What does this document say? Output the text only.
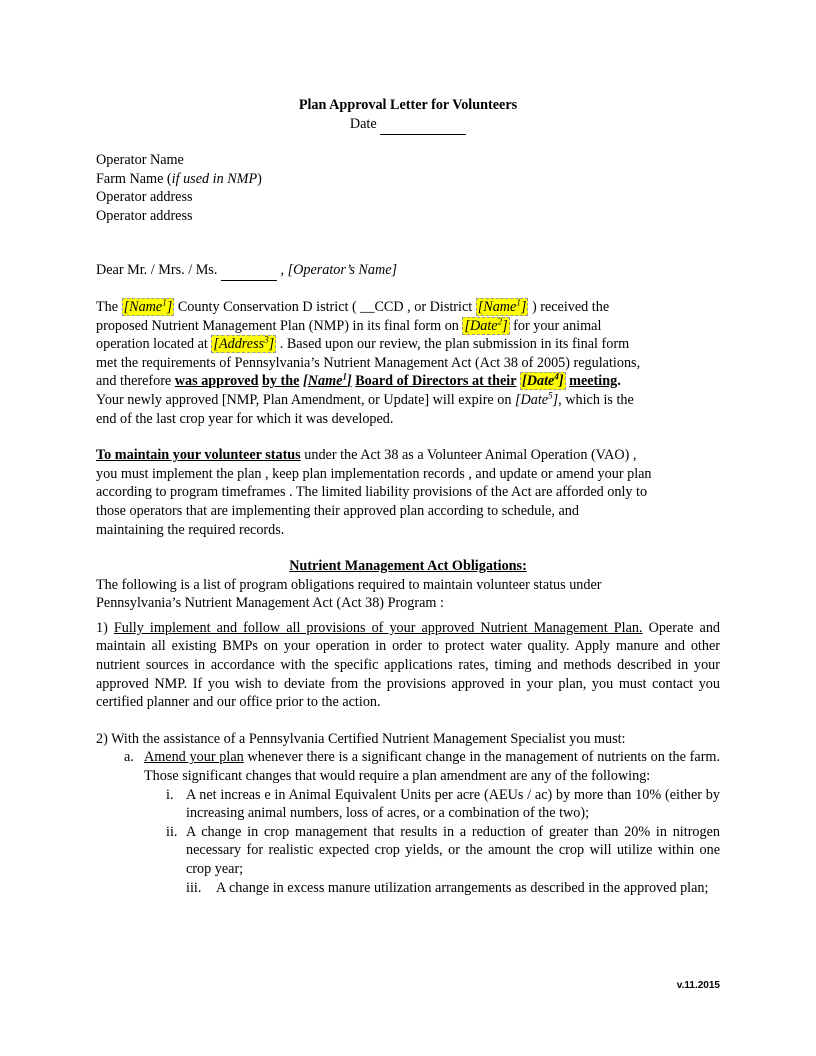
Plan Approval Letter for Volunteers
Date
Operator Name
Farm Name (if used in NMP)
Operator address
Operator address
Dear Mr. / Mrs. / Ms.	, [Operator’s Name]
The [Name$^1$] County Conservation D istrict ( __CCD , or District [Name$^1$] ) received the
proposed Nutrient Management Plan (NMP) in its final form on [Date$^2$] for your animal
operation located at [Address$^3$] . Based upon our review, the plan submission in its final form
met the requirements of Pennsylvania’s Nutrient Management Act (Act 38 of 2005) regulations,
and therefore was approved by the [Name$^1$] Board of Directors at their [Date$^4$] meeting.
Your newly approved [NMP, Plan Amendment, or Update] will expire on [Date$^5$], which is the
end of the last crop year for which it was developed.
To maintain your volunteer status under the Act 38 as a Volunteer Animal Operation (VAO) ,
you must implement the plan , keep plan implementation records , and update or amend your plan
according to program timeframes . The limited liability provisions of the Act are afforded only to
those operators that are implementing their approved plan according to schedule, and
maintaining the required records.
Nutrient Management Act Obligations:
The following is a list of program obligations required to maintain volunteer status under
Pennsylvania’s Nutrient Management Act (Act 38) Program :
1) Fully implement and follow all provisions of your approved Nutrient Management Plan. Operate and maintain all existing BMPs on your operation in order to protect water quality. Apply manure and other nutrient sources in accordance with the specific applications rates, timing and methods described in your approved NMP. If you wish to deviate from the provisions approved in your plan, you must contact you certified planner and our office prior to the action.
2) With the assistance of a Pennsylvania Certified Nutrient Management Specialist you must:
a. Amend your plan whenever there is a significant change in the management of nutrients on the farm. Those significant changes that would require a plan amendment are any of the following:
i. A net increas e in Animal Equivalent Units per acre (AEUs / ac) by more than 10% (either by increasing animal numbers, loss of acres, or a combination of the two);
ii. A change in crop management that results in a reduction of greater than 20% in nitrogen necessary for realistic expected crop yields, or the amount the crop will utilize within one crop year;
iii. A change in excess manure utilization arrangements as described in the approved plan;
v.11.2015
